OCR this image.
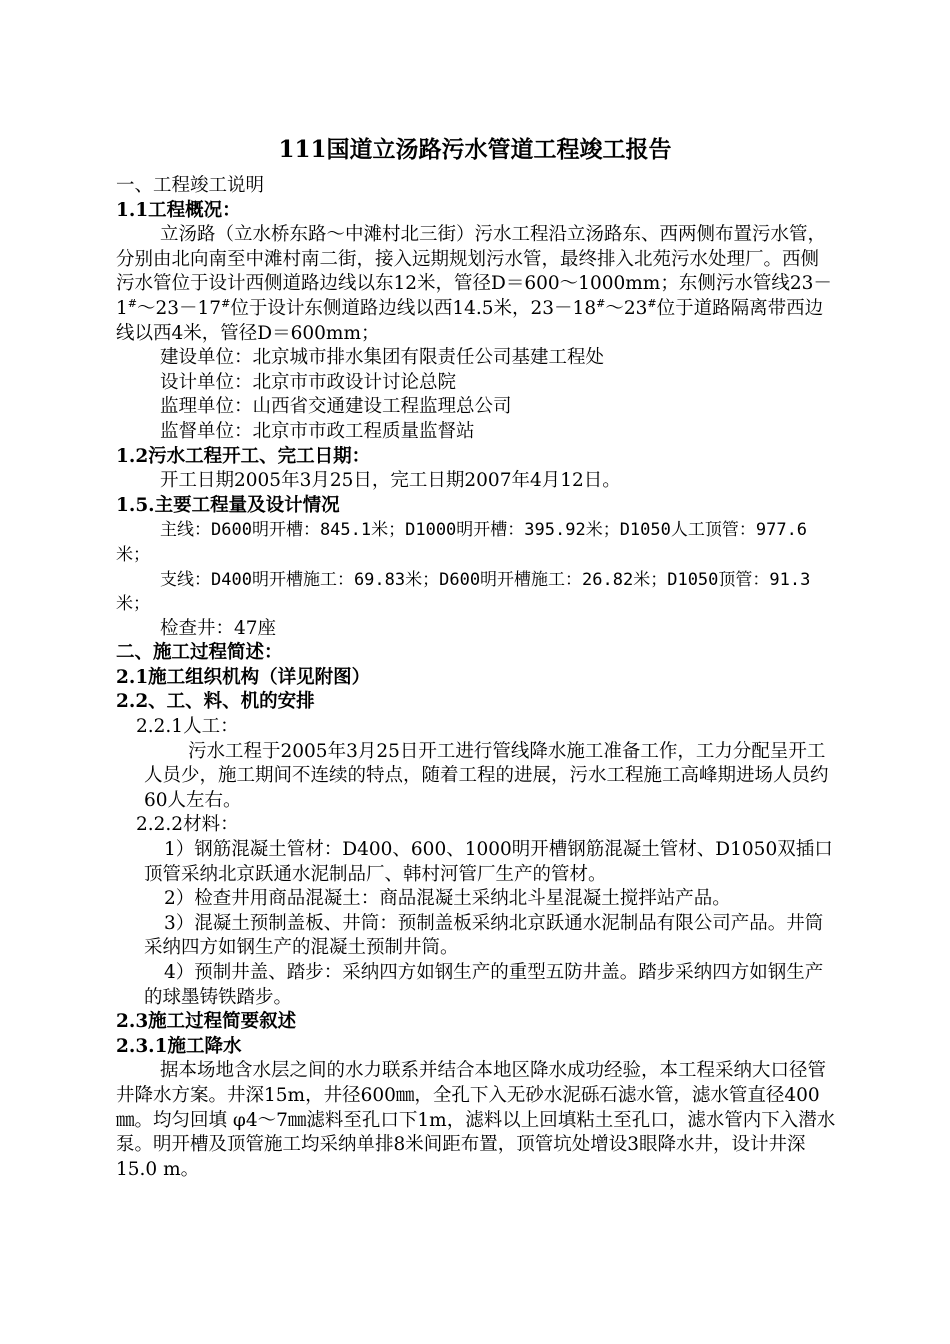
111国道立汤路污水管道工程竣工报告

一、工程竣工说明

1.1工程概况：

立汤路（立水桥东路～中滩村北三街）污水工程沿立汤路东、西两侧布置污水管，分别由北向南至中滩村南二街，接入远期规划污水管，最终排入北苑污水处理厂。西侧污水管位于设计西侧道路边线以东12米，管径D＝600～1000mm；东侧污水管线23－1#～23－17#位于设计东侧道路边线以西14.5米，23－18#～23#位于道路隔离带西边线以西4米，管径D＝600mm；

建设单位：北京城市排水集团有限责任公司基建工程处

设计单位：北京市市政设计讨论总院

监理单位：山西省交通建设工程监理总公司

监督单位：北京市市政工程质量监督站

1.2污水工程开工、完工日期：

开工日期2005年3月25日，完工日期2007年4月12日。

1.5.主要工程量及设计情况

主线：D600明开槽：845.1米；D1000明开槽：395.92米；D1050人工顶管：977.6米；

支线：D400明开槽施工：69.83米；D600明开槽施工：26.82米；D1050顶管：91.3米；

检查井：47座

二、施工过程简述：

2.1施工组织机构（详见附图）

2.2、工、料、机的安排

2.2.1人工：

污水工程于2005年3月25日开工进行管线降水施工准备工作，工力分配呈开工人员少，施工期间不连续的特点，随着工程的进展，污水工程施工高峰期进场人员约60人左右。

2.2.2材料：

1）钢筋混凝土管材：D400、600、1000明开槽钢筋混凝土管材、D1050双插口顶管采纳北京跃通水泥制品厂、韩村河管厂生产的管材。

2）检查井用商品混凝土：商品混凝土采纳北斗星混凝土搅拌站产品。

3）混凝土预制盖板、井筒：预制盖板采纳北京跃通水泥制品有限公司产品。井筒采纳四方如钢生产的混凝土预制井筒。

4）预制井盖、踏步：采纳四方如钢生产的重型五防井盖。踏步采纳四方如钢生产的球墨铸铁踏步。

2.3施工过程简要叙述

2.3.1施工降水

据本场地含水层之间的水力联系并结合本地区降水成功经验，本工程采纳大口径管井降水方案。井深15m，井径600㎜，全孔下入无砂水泥砾石滤水管，滤水管直径400 ㎜。均匀回填 φ4～7㎜滤料至孔口下1m，滤料以上回填粘土至孔口，滤水管内下入潜水泵。明开槽及顶管施工均采纳单排8米间距布置，顶管坑处增设3眼降水井，设计井深15.0 m。
